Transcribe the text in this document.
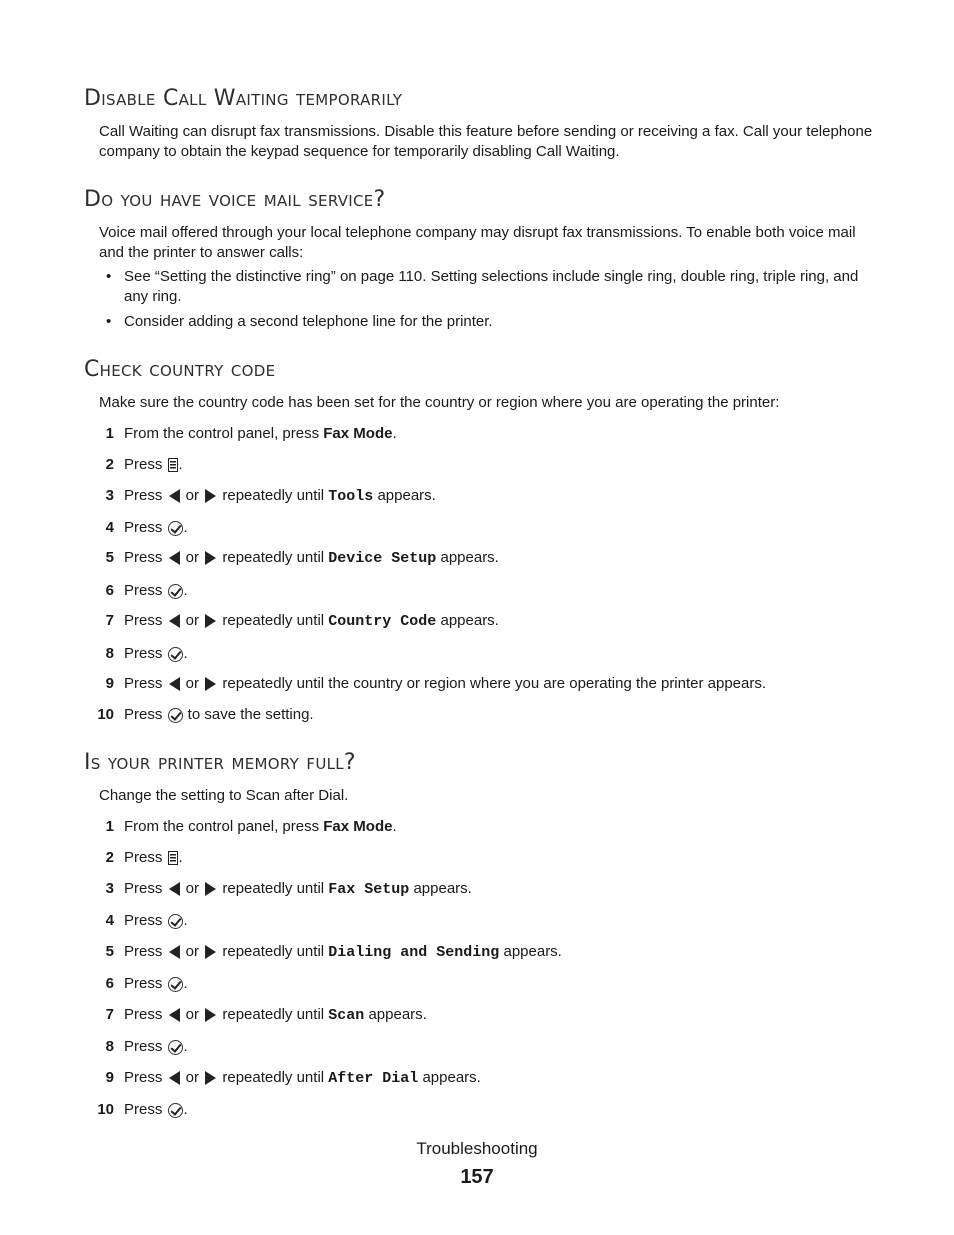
Disable Call Waiting temporarily

Call Waiting can disrupt fax transmissions. Disable this feature before sending or receiving a fax. Call your telephone company to obtain the keypad sequence for temporarily disabling Call Waiting.

Do you have voice mail service?

Voice mail offered through your local telephone company may disrupt fax transmissions. To enable both voice mail and the printer to answer calls:

• See “Setting the distinctive ring” on page 110. Setting selections include single ring, double ring, triple ring, and any ring.
• Consider adding a second telephone line for the printer.
Check country code

Make sure the country code has been set for the country or region where you are operating the printer:

1 From the control panel, press Fax Mode.
2 Press .
3 Press  or  repeatedly until Tools appears.
4 Press .
5 Press  or  repeatedly until Device Setup appears.
6 Press .
7 Press  or  repeatedly until Country Code appears.
8 Press .
9 Press  or  repeatedly until the country or region where you are operating the printer appears.
10 Press  to save the setting.
Is your printer memory full?

Change the setting to Scan after Dial.

1 From the control panel, press Fax Mode.
2 Press .
3 Press  or  repeatedly until Fax Setup appears.
4 Press .
5 Press  or  repeatedly until Dialing and Sending appears.
6 Press .
7 Press  or  repeatedly until Scan appears.
8 Press .
9 Press  or  repeatedly until After Dial appears.
10 Press .
Troubleshooting
157
